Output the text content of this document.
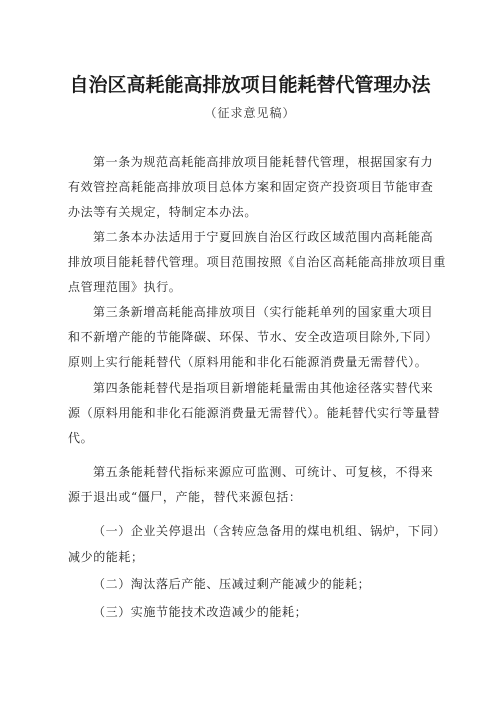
自治区高耗能高排放项目能耗替代管理办法
（征求意见稿）
第一条为规范高耗能高排放项目能耗替代管理，根据国家有力
有效管控高耗能高排放项目总体方案和固定资产投资项目节能审查
办法等有关规定，特制定本办法。
第二条本办法适用于宁夏回族自治区行政区域范围内高耗能高
排放项目能耗替代管理。项目范围按照《自治区高耗能高排放项目重
点管理范围》执行。
第三条新增高耗能高排放项目（实行能耗单列的国家重大项目
和不新增产能的节能降碳、环保、节水、安全改造项目除外,下同）
原则上实行能耗替代（原料用能和非化石能源消费量无需替代）。
第四条能耗替代是指项目新增能耗量需由其他途径落实替代来
源（原料用能和非化石能源消费量无需替代）。能耗替代实行等量替
代。
第五条能耗替代指标来源应可监测、可统计、可复核，不得来
源于退出或“僵尸，产能，替代来源包括：
（一）企业关停退出（含转应急备用的煤电机组、锅炉，下同）
减少的能耗；
（二）淘汰落后产能、压减过剩产能减少的能耗；
（三）实施节能技术改造减少的能耗；
